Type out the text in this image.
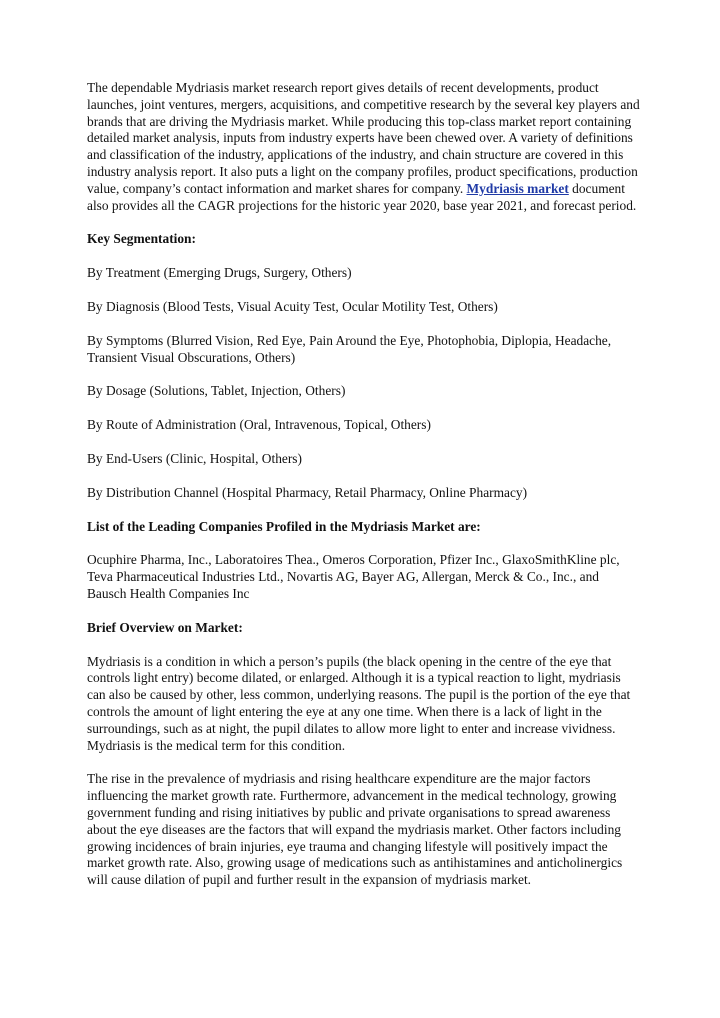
The dependable Mydriasis market research report gives details of recent developments, product launches, joint ventures, mergers, acquisitions, and competitive research by the several key players and brands that are driving the Mydriasis market. While producing this top-class market report containing detailed market analysis, inputs from industry experts have been chewed over. A variety of definitions and classification of the industry, applications of the industry, and chain structure are covered in this industry analysis report. It also puts a light on the company profiles, product specifications, production value, company’s contact information and market shares for company. Mydriasis market document also provides all the CAGR projections for the historic year 2020, base year 2021, and forecast period.

Key Segmentation:

By Treatment (Emerging Drugs, Surgery, Others)

By Diagnosis (Blood Tests, Visual Acuity Test, Ocular Motility Test, Others)

By Symptoms (Blurred Vision, Red Eye, Pain Around the Eye, Photophobia, Diplopia, Headache, Transient Visual Obscurations, Others)

By Dosage (Solutions, Tablet, Injection, Others)

By Route of Administration (Oral, Intravenous, Topical, Others)

By End-Users (Clinic, Hospital, Others)

By Distribution Channel (Hospital Pharmacy, Retail Pharmacy, Online Pharmacy)

List of the Leading Companies Profiled in the Mydriasis Market are:

Ocuphire Pharma, Inc., Laboratoires Thea., Omeros Corporation, Pfizer Inc., GlaxoSmithKline plc, Teva Pharmaceutical Industries Ltd., Novartis AG, Bayer AG, Allergan, Merck & Co., Inc., and Bausch Health Companies Inc

Brief Overview on Market:

Mydriasis is a condition in which a person’s pupils (the black opening in the centre of the eye that controls light entry) become dilated, or enlarged. Although it is a typical reaction to light, mydriasis can also be caused by other, less common, underlying reasons. The pupil is the portion of the eye that controls the amount of light entering the eye at any one time. When there is a lack of light in the surroundings, such as at night, the pupil dilates to allow more light to enter and increase vividness. Mydriasis is the medical term for this condition.

The rise in the prevalence of mydriasis and rising healthcare expenditure are the major factors influencing the market growth rate. Furthermore, advancement in the medical technology, growing government funding and rising initiatives by public and private organisations to spread awareness about the eye diseases are the factors that will expand the mydriasis market. Other factors including growing incidences of brain injuries, eye trauma and changing lifestyle will positively impact the market growth rate. Also, growing usage of medications such as antihistamines and anticholinergics will cause dilation of pupil and further result in the expansion of mydriasis market.
